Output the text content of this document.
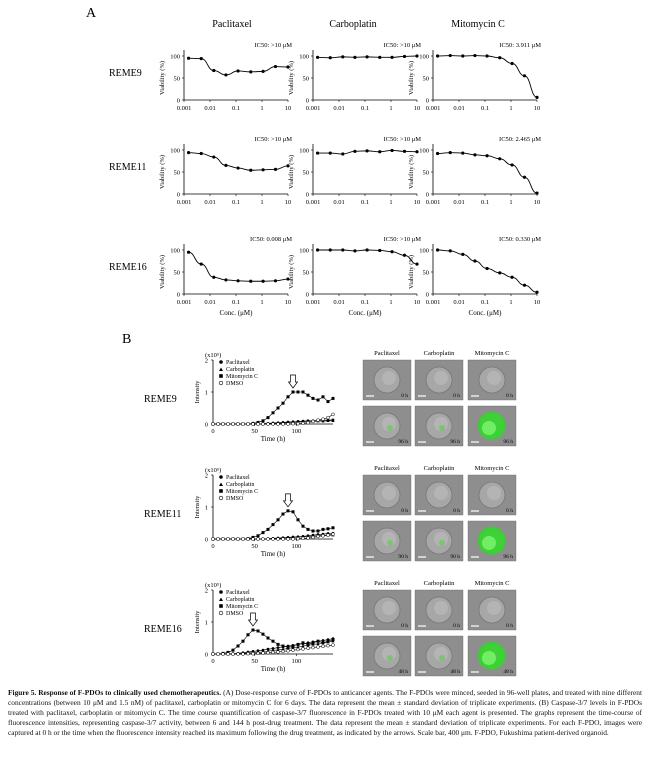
A
B
Paclitaxel	Carboplatin	Mitomycin C
REME9
0
50
100
Viability (%)
0.001 0.01	0.1	1	10
IC50: >10 μM
0
50
100
Viability (%)
0.001 0.01	0.1	1	10
IC50: >10 μM
0
50
100
Viability (%)
0.001 0.01	0.1	1	10
IC50: 3.911 μM
REME11
0
50
100
Viability (%)
0.001 0.01	0.1	1	10
IC50: >10 μM
0
50
100
Viability (%)
0.001 0.01	0.1	1	10
IC50: >10 μM
0
50
100
Viability (%)
0.001 0.01	0.1	1	10
IC50: 2.465 μM
REME16
0
50
100
Viability (%)
0.001 0.01	0.1	1	10
Conc. (μM)
IC50: 0.008 μM
0
50
100
Viability (%)
0.001 0.01	0.1	1	10
Conc. (μM)
IC50: >10 μM
0
50
100
Viability (%)
0.001 0.01	0.1	1	10
Conc. (μM)
IC50: 0.330 μM
REME9
(x10⁵)
0
1
2
Intensity
0	50	100
Time (h)
Paclitaxel
Carboplatin
Mitomycin C
DMSO
REME11
(x10⁵)
0
1
2
Intensity
0	50	100
Time (h)
Paclitaxel
Carboplatin
Mitomycin C
DMSO
REME16
(x10⁵)
0
1
2
Intensity
0	50	100
Time (h)
Paclitaxel
Carboplatin
Mitomycin C
DMSO
Paclitaxel	Carboplatin	Mitomycin C
0 h	0 h	0 h
96 h	96 h	96 h
Paclitaxel	Carboplatin	Mitomycin C
0 h	0 h	0 h
90 h	90 h	96 h
Paclitaxel	Carboplatin	Mitomycin C
0 h	0 h	0 h
48 h	48 h	48 h
Figure 5. Response of F-PDOs to clinically used chemotherapeutics. (A) Dose-response curve of F-PDOs to anticancer agents. The F-PDOs were minced, seeded in 96-well plates, and treated with nine different concentrations (between 10 μM and 1.5 nM) of paclitaxel, carboplatin or mitomycin C for 6 days. The data represent the mean ± standard deviation of triplicate experiments. (B) Caspase-3/7 levels in F-PDOs treated with paclitaxel, carboplatin or mitomycin C. The time course quantification of caspase-3/7 fluorescence in F-PDOs treated with 10 μM each agent is presented. The graphs represent the time-course of fluorescence intensities, representing caspase-3/7 activity, between 6 and 144 h post-drug treatment. The data represent the mean ± standard deviation of triplicate experiments. For each F-PDO, images were captured at 0 h or the time when the fluorescence intensity reached its maximum following the drug treatment, as indicated by the arrows. Scale bar, 400 μm. F-PDO, Fukushima patient-derived organoid.
